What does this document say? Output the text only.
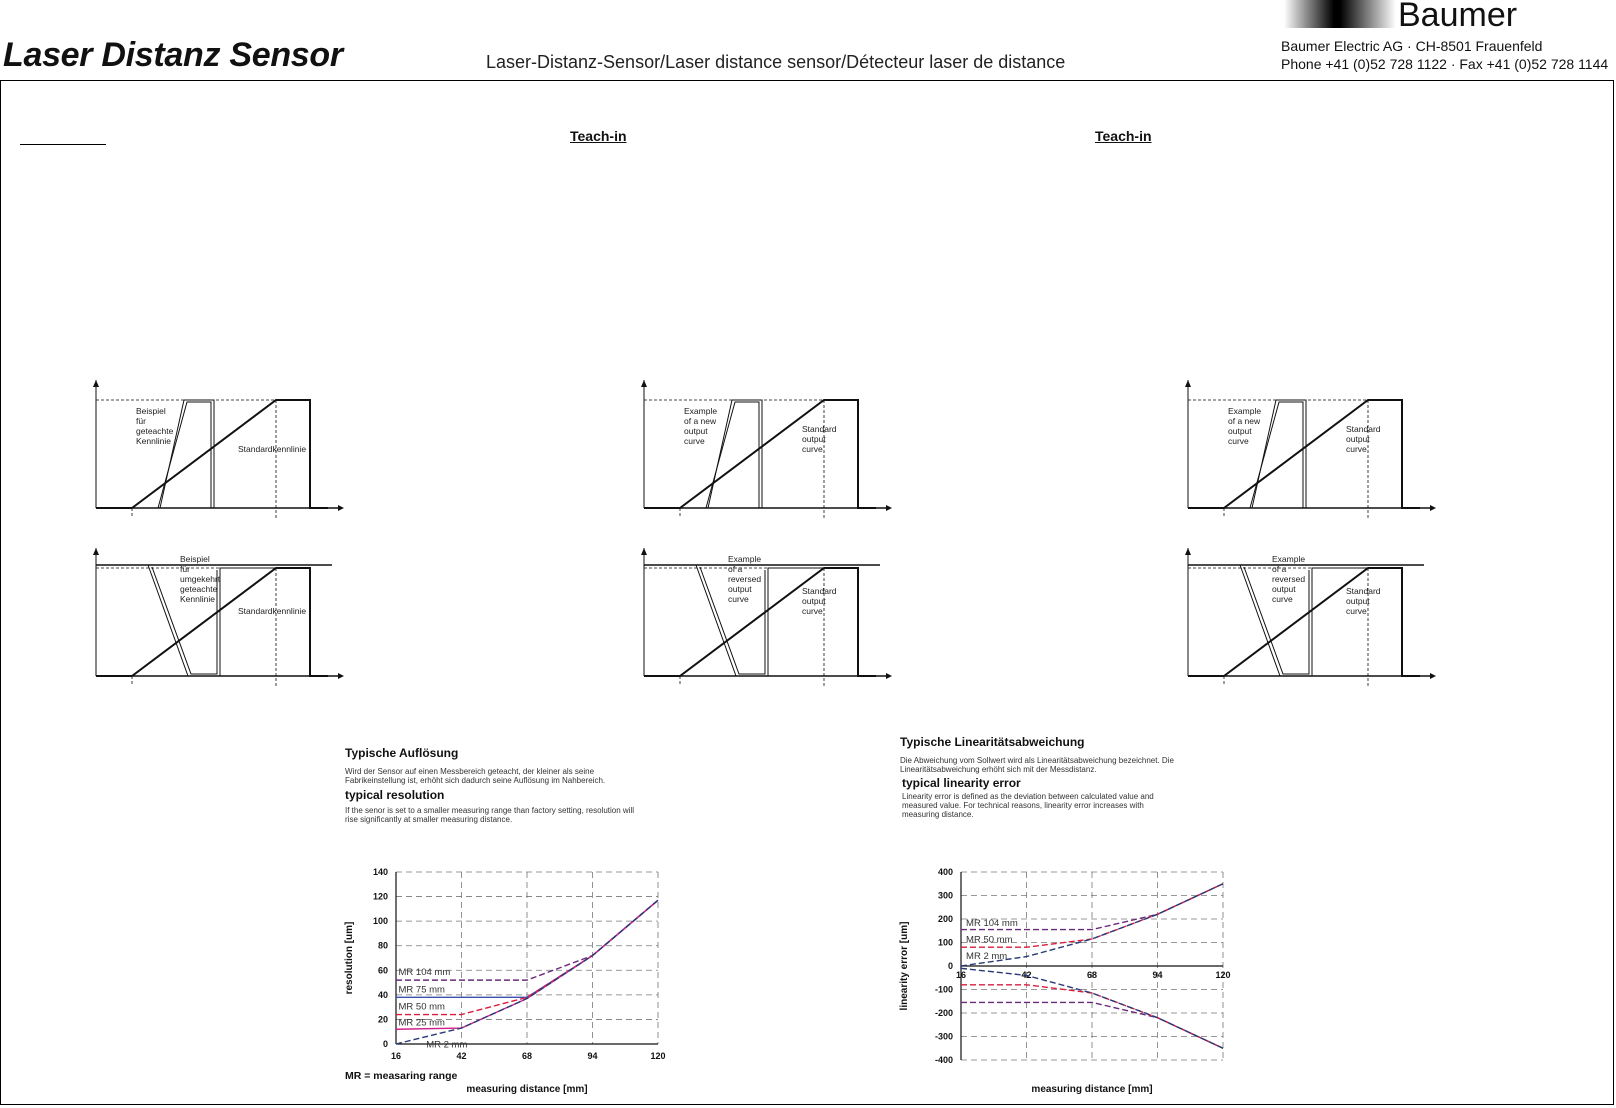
Laser Distanz Sensor	Laser-Distanz-Sensor/Laser distance sensor/Détecteur laser de distance
Baumer
Baumer Electric AG · CH-8501 Frauenfeld
Phone +41 (0)52 728 1122 · Fax +41 (0)52 728 1144
Teach-in	Teach-in
Beispiel für geteachte Kennlinie
Standardkennlinie
Beispiel für umgekehrt geteachte Kennlinie
Standardkennlinie
Example of a new output curve
Standard output curve
Example of a reversed output curve
Standard output curve
Example of a new output curve
Standard output curve
Example of a reversed output curve
Standard output curve
Typische Auflösung
Wird der Sensor auf einen Messbereich geteacht, der kleiner als seine Fabrikeinstellung ist, erhöht sich dadurch seine Auflösung im Nahbereich.
typical resolution
If the senor is set to a smaller measuring range than factory setting, resolution will rise significantly at smaller measuring distance.
Typische Linearitätsabweichung
Die Abweichung vom Sollwert wird als Linearitätsabweichung bezeichnet. Die Linearitätsabweichung erhöht sich mit der Messdistanz.
typical linearity error
Linearity error is defined as the deviation between calculated value and measured value. For technical reasons, linearity error increases with measuring distance.
0
20
40
60
80
100
120
140
16	42	68	94	120
MR 104 mm
MR 75 mm
MR 50 mm
MR 25 mm
MR 2 mm
measuring distance [mm]
resolution [um]
MR = measaring range
-400
-300
-200
-100
0
100
200
300
400
16	42	68	94	120
MR 104 mm
MR 50 mm
MR 2 mm
measuring distance [mm]
linearity error [um]
